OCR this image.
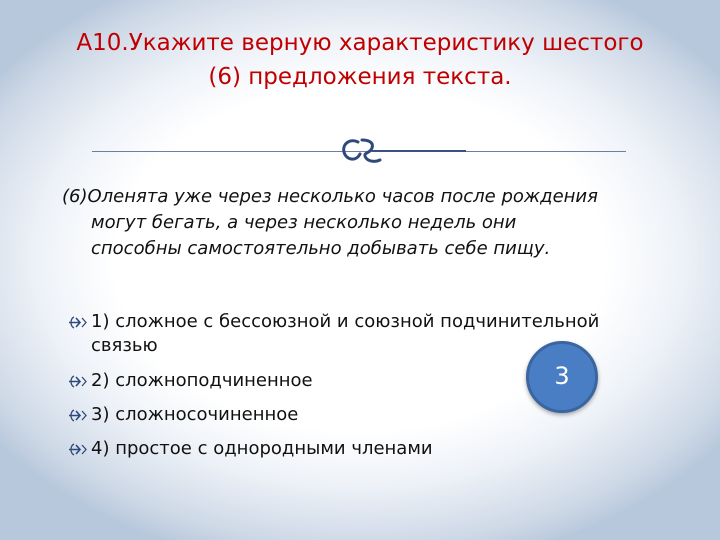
А10.Укажите верную характеристику шестого
(6) предложения текста.
(6)Оленята уже через несколько часов после рождения
могут бегать, а через несколько недель они
способны самостоятельно добывать себе пищу.
1) сложное с бессоюзной и союзной подчинительной связью
2) сложноподчиненное
3) сложносочиненное
4) простое с однородными членами
3
